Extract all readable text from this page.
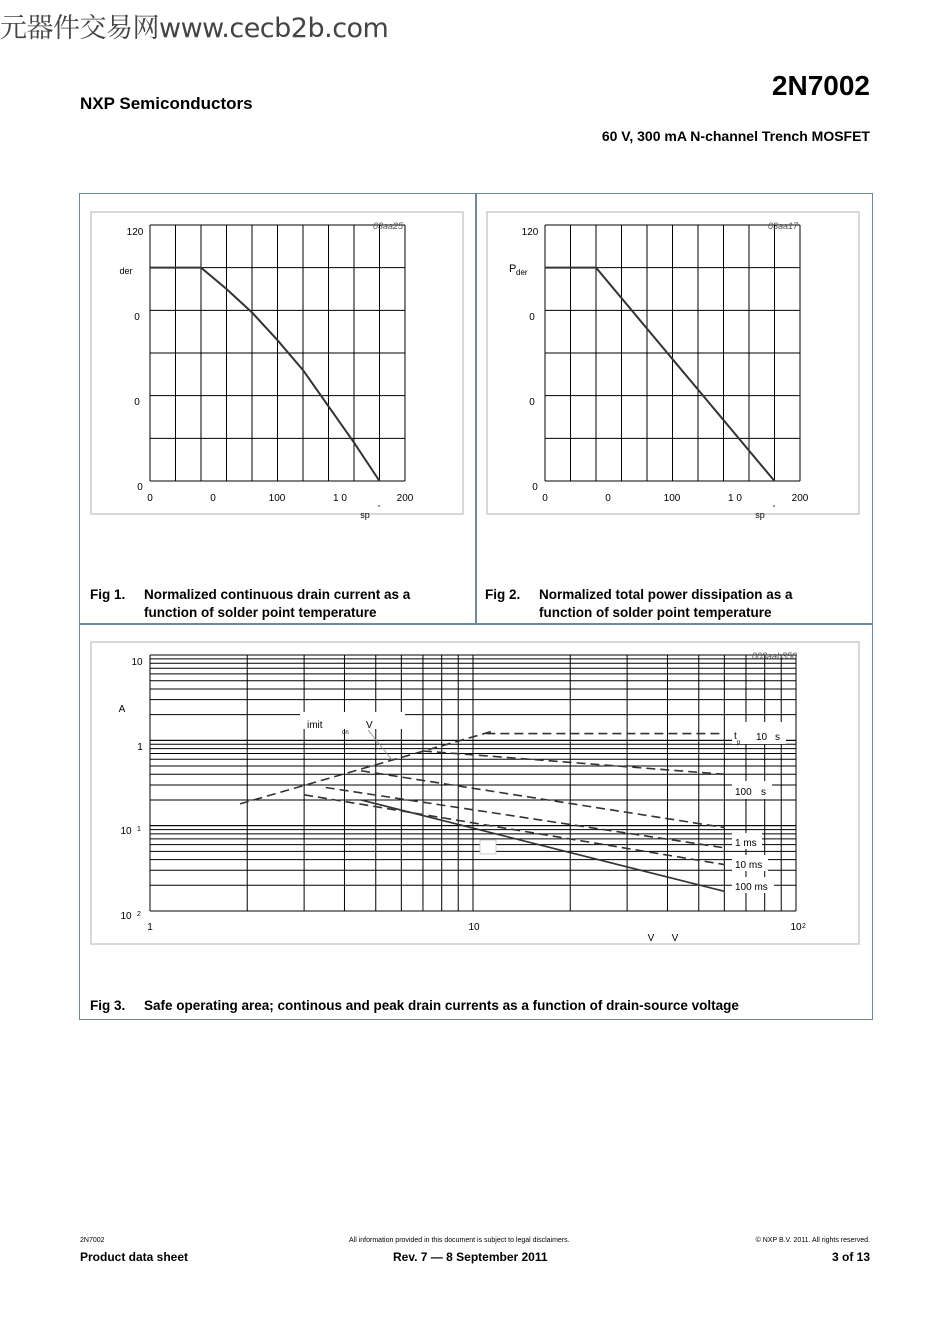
元器件交易网www.cecb2b.com
NXP Semiconductors
2N7002
60 V, 300 mA N-channel Trench MOSFET
03aa25
120
0
0
0
der
0	0	100	1 0	200
sp
°
03aa17
120
0
0
0
P der
0	0	100	1 0	200
sp
°
003aab350
10
A
1
10 1
10 2
1	10	10 2
V V
imit
on
V
t
p 10 s
100 s
1 ms
10 ms
100 ms
Fig 1. Normalized continuous drain current as a
function of solder point temperature
Fig 2. Normalized total power dissipation as a
function of solder point temperature
Fig 3. Safe operating area; continous and peak drain currents as a function of drain-source voltage
2N7002
Product data sheet
All information provided in this document is subject to legal disclaimers.
Rev. 7 — 8 September 2011
© NXP B.V. 2011. All rights reserved.
3 of 13
